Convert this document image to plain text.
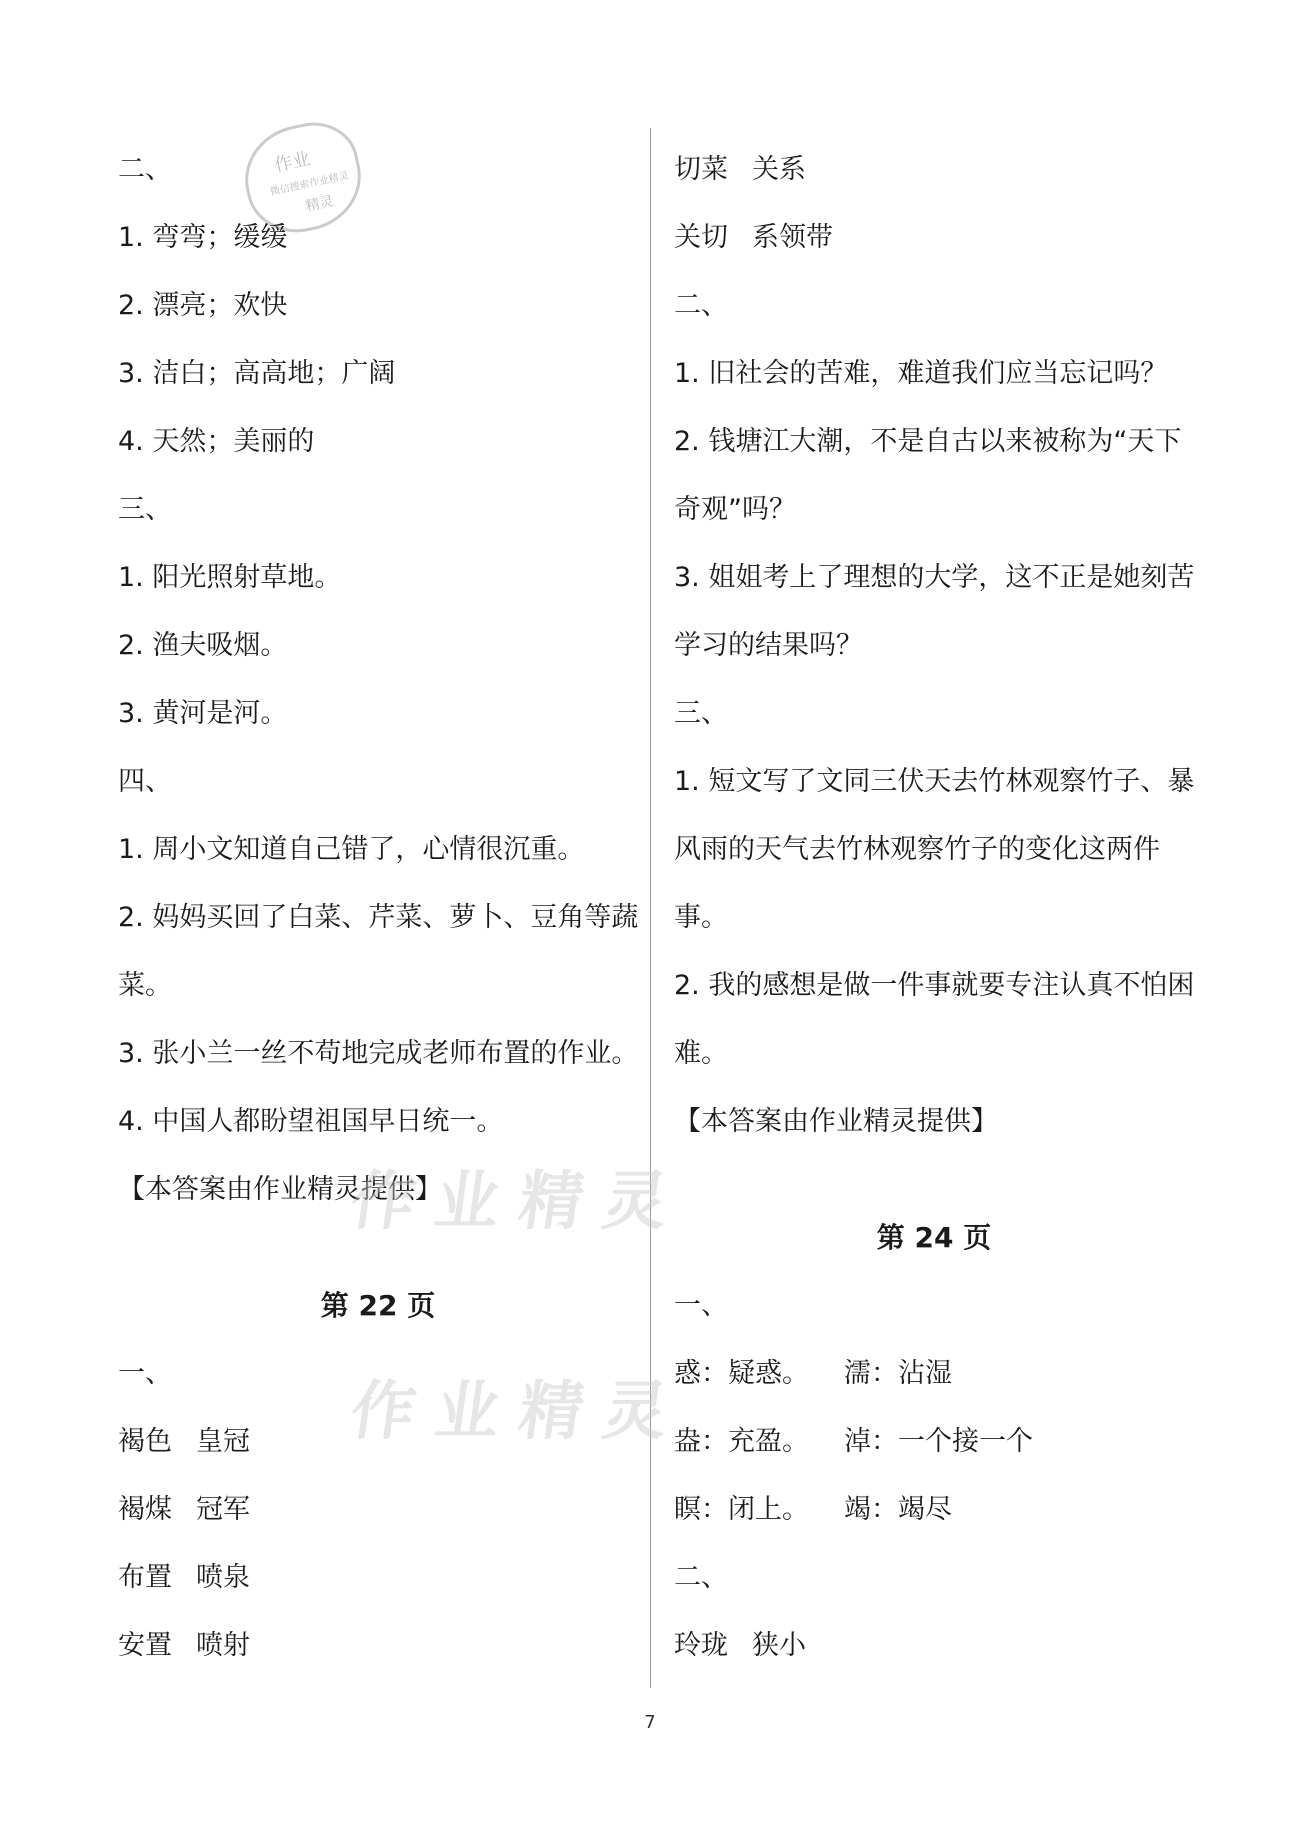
作业
微信搜索作业精灵
精灵
二、
1. 弯弯；缓缓
2. 漂亮；欢快
3. 洁白；高高地；广阔
4. 天然；美丽的
三、
1. 阳光照射草地。
2. 渔夫吸烟。
3. 黄河是河。
四、
1. 周小文知道自己错了，心情很沉重。
2. 妈妈买回了白菜、芹菜、萝卜、豆角等蔬
菜。
3. 张小兰一丝不苟地完成老师布置的作业。
4. 中国人都盼望祖国早日统一。
【本答案由作业精灵提供】
第 22 页
一、
褐色 皇冠
褐煤 冠军
布置 喷泉
安置 喷射
切菜 关系
关切 系领带
二、
1. 旧社会的苦难，难道我们应当忘记吗？
2. 钱塘江大潮，不是自古以来被称为“天下
奇观”吗？
3. 姐姐考上了理想的大学，这不正是她刻苦
学习的结果吗？
三、
1. 短文写了文同三伏天去竹林观察竹子、暴
风雨的天气去竹林观察竹子的变化这两件
事。
2. 我的感想是做一件事就要专注认真不怕困
难。
【本答案由作业精灵提供】
第 24 页
一、
惑：疑惑。	濡：沾湿
盎：充盈。	淖：一个接一个
瞑：闭上。	竭：竭尽
二、
玲珑 狭小
作业精灵
作业精灵
7
